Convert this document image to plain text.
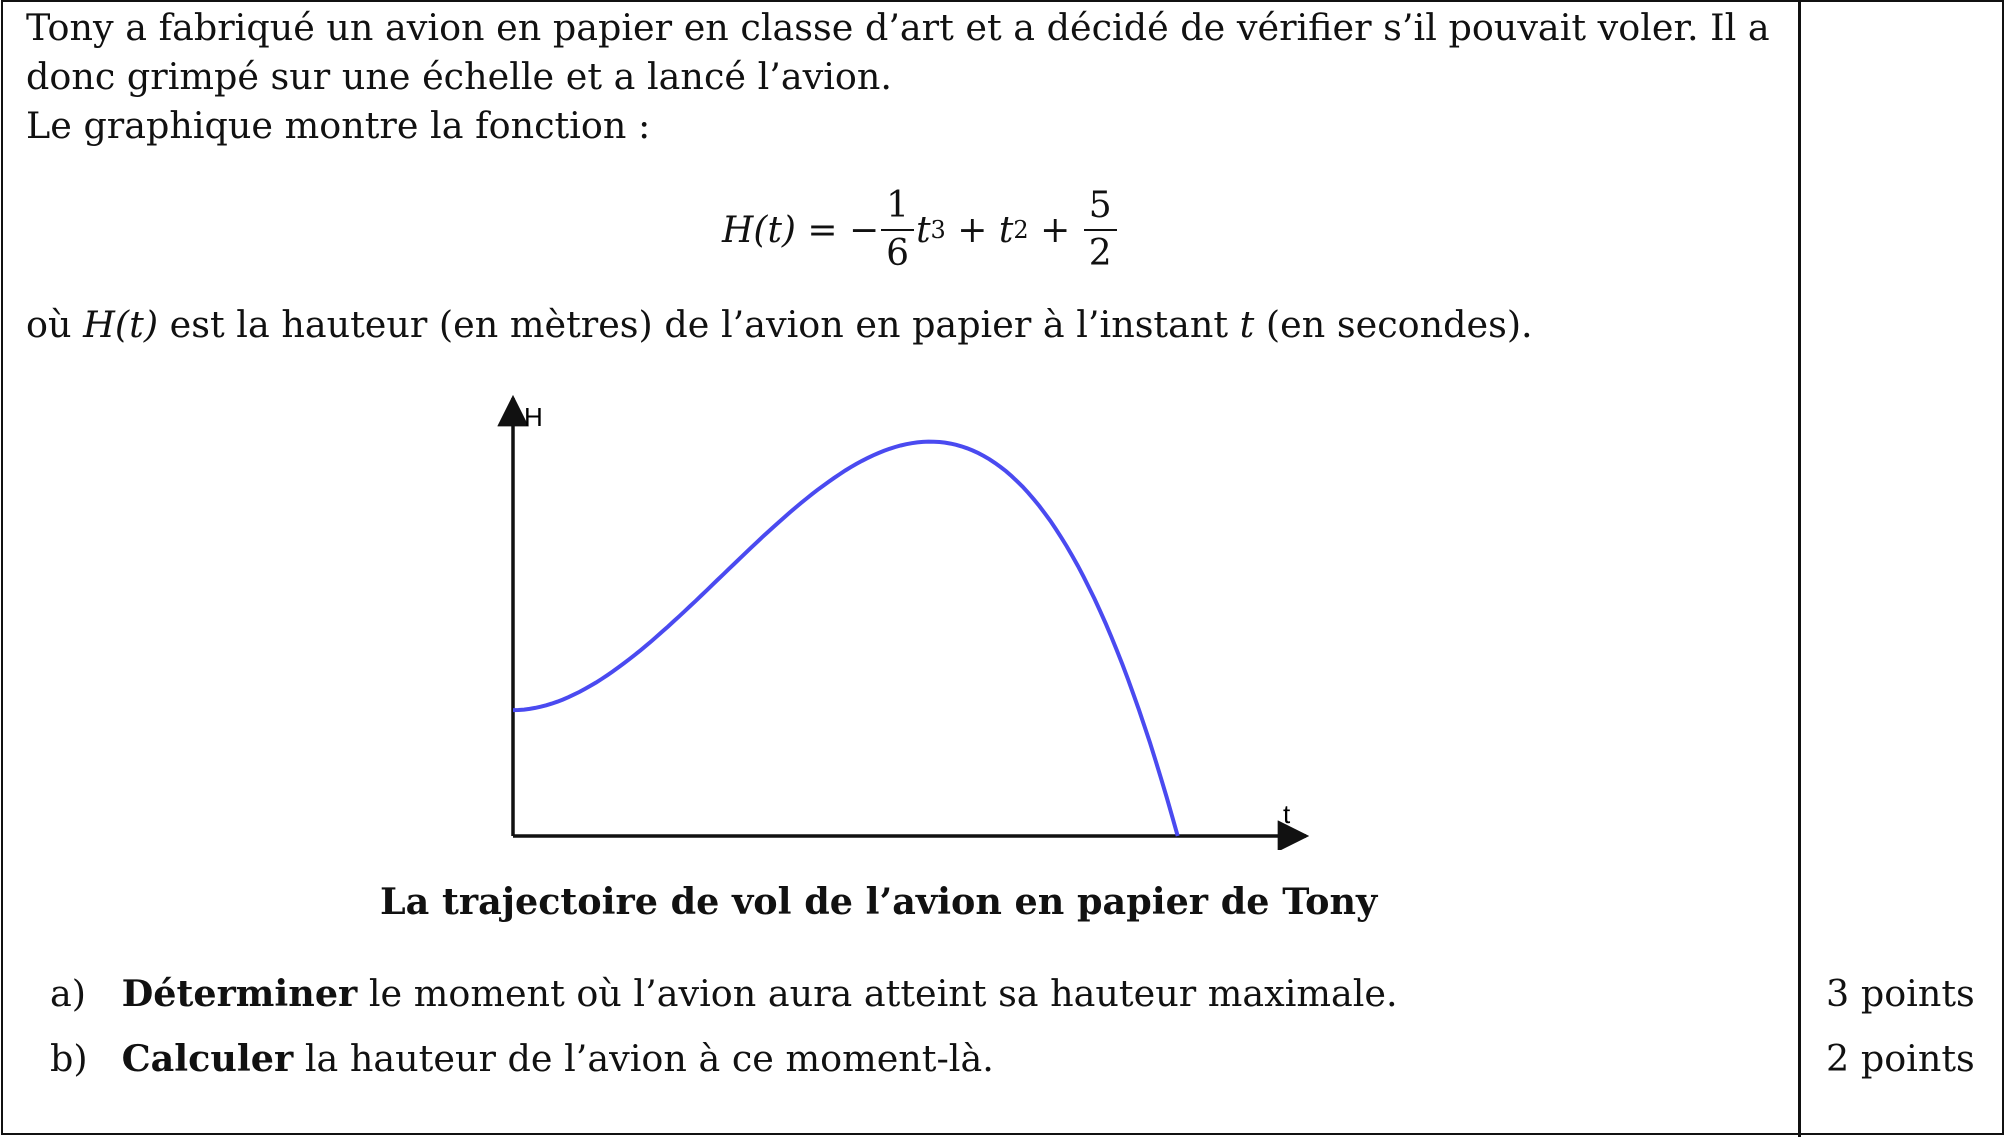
Tony a fabriqué un avion en papier en classe d’art et a décidé de vérifier s’il pouvait voler. Il a
donc grimpé sur une échelle et a lancé l’avion.
Le graphique montre la fonction :
H(t) = − $\frac{1}{6}$ t 3 + t $2 + \frac{5}{2}$
où H(t) est la hauteur (en mètres) de l’avion en papier à l’instant t (en secondes).
H
t
La trajectoire de vol de l’avion en papier de Tony
a) Déterminer le moment où l’avion aura atteint sa hauteur maximale.
b) Calculer la hauteur de l’avion à ce moment-là.
3 points
2 points
